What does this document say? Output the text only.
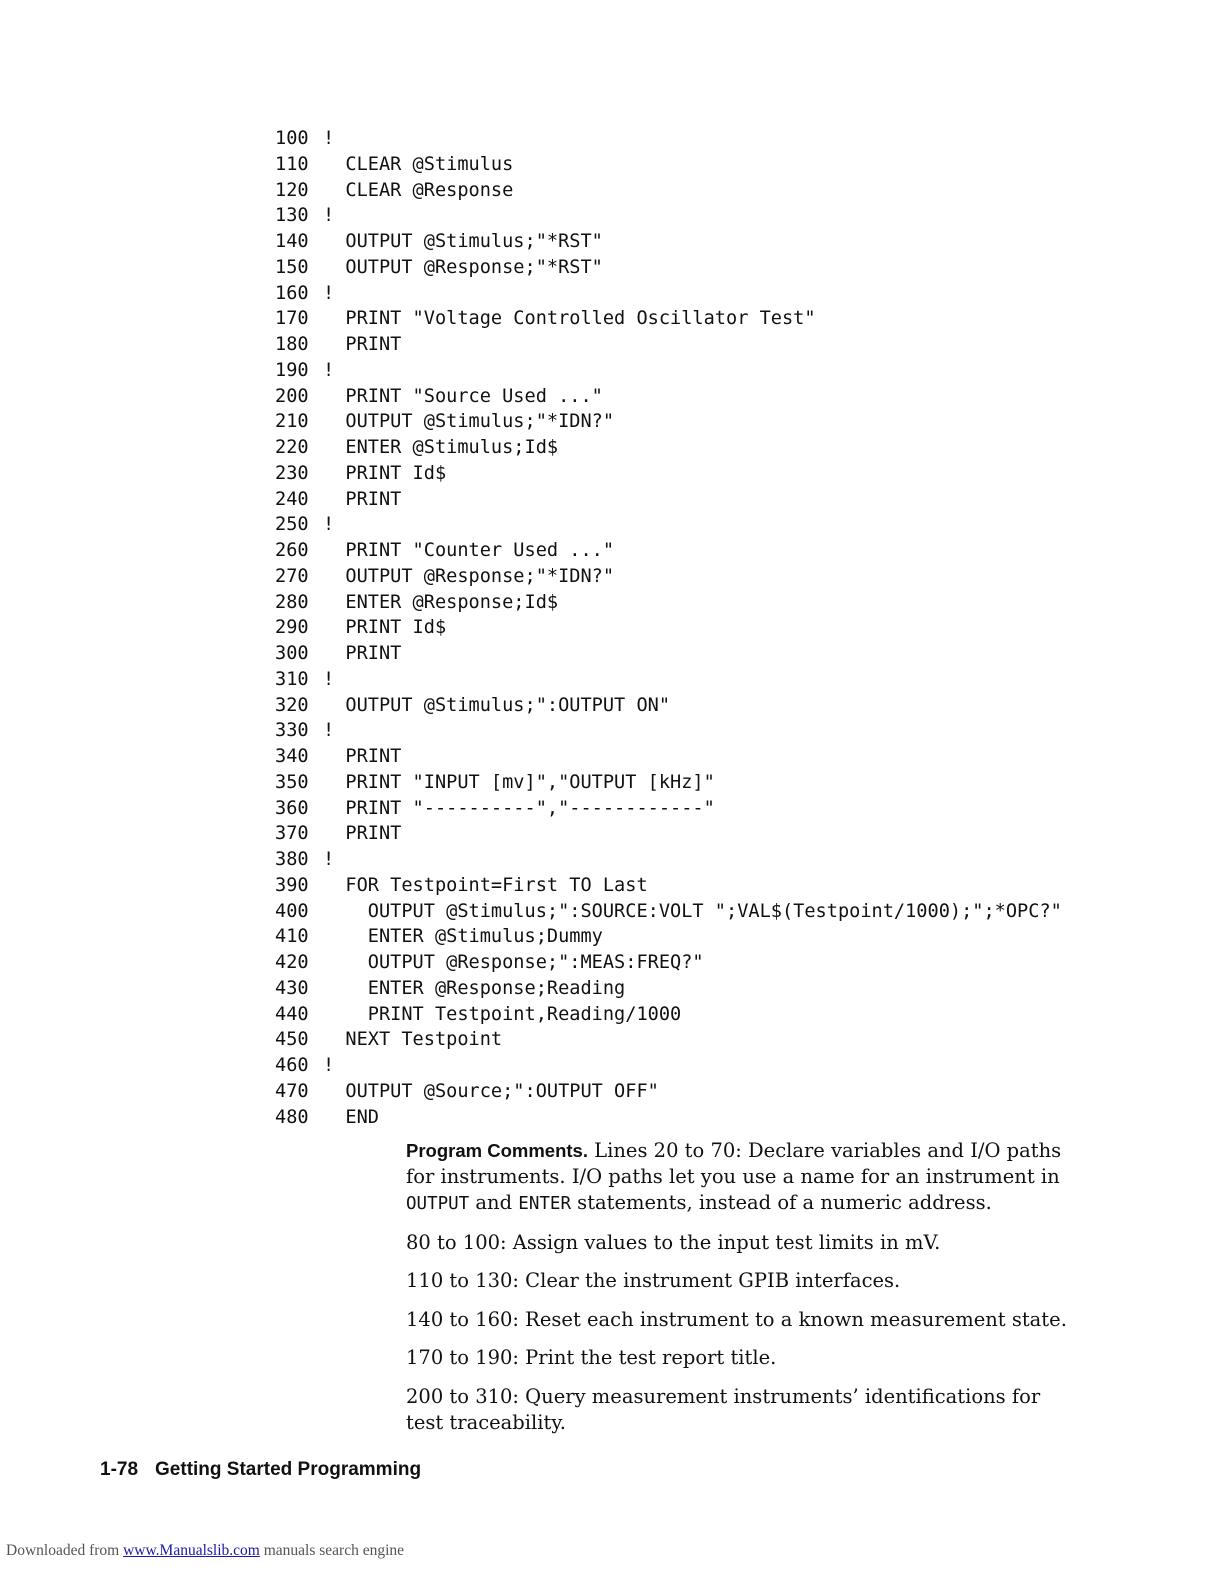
100 !
110  CLEAR @Stimulus
120  CLEAR @Response
130 !
140  OUTPUT @Stimulus;"*RST"
150  OUTPUT @Response;"*RST"
160 !
170  PRINT "Voltage Controlled Oscillator Test"
180  PRINT
190 !
200  PRINT "Source Used ..."
210  OUTPUT @Stimulus;"*IDN?"
220  ENTER @Stimulus;Id$
230  PRINT Id$
240  PRINT
250 !
260  PRINT "Counter Used ..."
270  OUTPUT @Response;"*IDN?"
280  ENTER @Response;Id$
290  PRINT Id$
300  PRINT
310 !
320  OUTPUT @Stimulus;":OUTPUT ON"
330 !
340  PRINT
350  PRINT "INPUT [mv]","OUTPUT [kHz]"
360  PRINT "----------","------------"
370  PRINT
380 !
390  FOR Testpoint=First TO Last
400    OUTPUT @Stimulus;":SOURCE:VOLT ";VAL$(Testpoint/1000);";*OPC?"
410    ENTER @Stimulus;Dummy
420    OUTPUT @Response;":MEAS:FREQ?"
430    ENTER @Response;Reading
440    PRINT Testpoint,Reading/1000
450  NEXT Testpoint
460 !
470  OUTPUT @Source;":OUTPUT OFF"
480  END

Program Comments. Lines 20 to 70: Declare variables and I/O paths for instruments. I/O paths let you use a name for an instrument in OUTPUT and ENTER statements, instead of a numeric address.

80 to 100: Assign values to the input test limits in mV.

110 to 130: Clear the instrument GPIB interfaces.

140 to 160: Reset each instrument to a known measurement state.

170 to 190: Print the test report title.

200 to 310: Query measurement instruments’ identifications for test traceability.

1-78 Getting Started Programming
Downloaded from www.Manualslib.com manuals search engine
